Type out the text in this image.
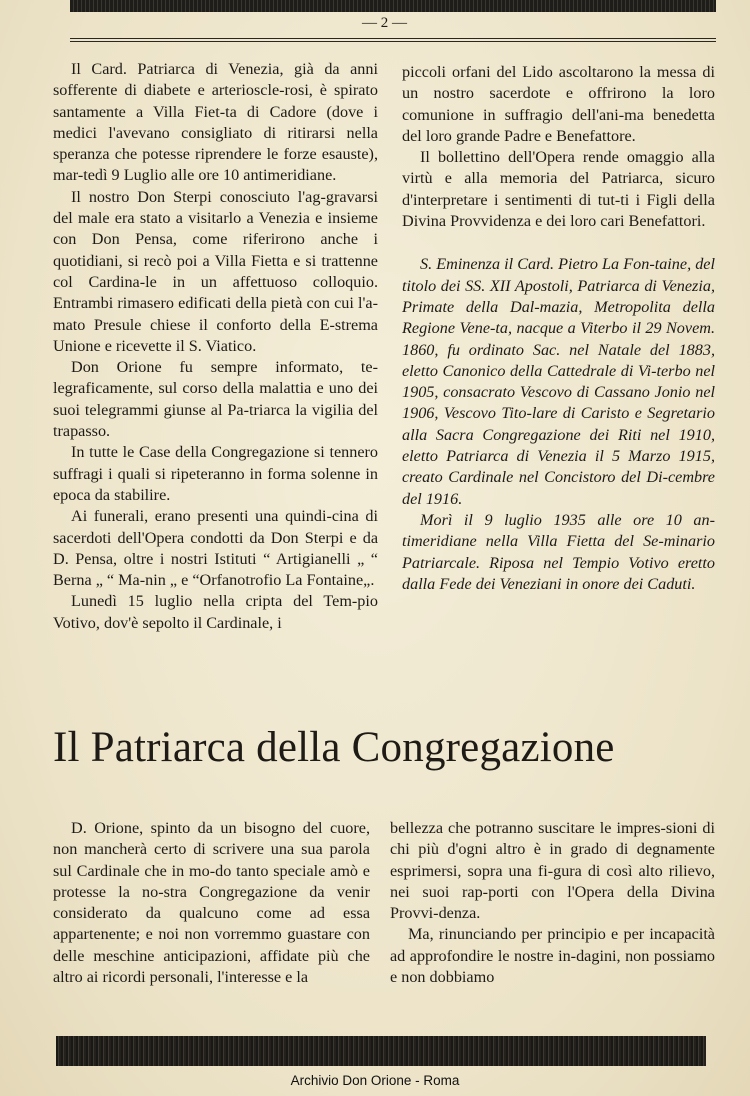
— 2 —

Il Card. Patriarca di Venezia, già da anni sofferente di diabete e arterioscle-rosi, è spirato santamente a Villa Fiet-ta di Cadore (dove i medici l'avevano consigliato di ritirarsi nella speranza che potesse riprendere le forze esauste), mar-tedì 9 Luglio alle ore 10 antimeridiane.

Il nostro Don Sterpi conosciuto l'ag-gravarsi del male era stato a visitarlo a Venezia e insieme con Don Pensa, come riferirono anche i quotidiani, si recò poi a Villa Fietta e si trattenne col Cardina-le in un affettuoso colloquio. Entrambi rimasero edificati della pietà con cui l'a-mato Presule chiese il conforto della E-strema Unione e ricevette il S. Viatico.

Don Orione fu sempre informato, te-legraficamente, sul corso della malattia e uno dei suoi telegrammi giunse al Pa-triarca la vigilia del trapasso.

In tutte le Case della Congregazione si tennero suffragi i quali si ripeteranno in forma solenne in epoca da stabilire.

Ai funerali, erano presenti una quindi-cina di sacerdoti dell'Opera condotti da Don Sterpi e da D. Pensa, oltre i nostri Istituti “ Artigianelli „ “ Berna „ “ Ma-nin „ e “Orfanotrofio La Fontaine„.

Lunedì 15 luglio nella cripta del Tem-pio Votivo, dov'è sepolto il Cardinale, i

piccoli orfani del Lido ascoltarono la messa di un nostro sacerdote e offrirono la loro comunione in suffragio dell'ani-ma benedetta del loro grande Padre e Benefattore.

Il bollettino dell'Opera rende omaggio alla virtù e alla memoria del Patriarca, sicuro d'interpretare i sentimenti di tut-ti i Figli della Divina Provvidenza e dei loro cari Benefattori.

S. Eminenza il Card. Pietro La Fon-taine, del titolo dei SS. XII Apostoli, Patriarca di Venezia, Primate della Dal-mazia, Metropolita della Regione Vene-ta, nacque a Viterbo il 29 Novem. 1860, fu ordinato Sac. nel Natale del 1883, eletto Canonico della Cattedrale di Vi-terbo nel 1905, consacrato Vescovo di Cassano Jonio nel 1906, Vescovo Tito-lare di Caristo e Segretario alla Sacra Congregazione dei Riti nel 1910, eletto Patriarca di Venezia il 5 Marzo 1915, creato Cardinale nel Concistoro del Di-cembre del 1916.

Morì il 9 luglio 1935 alle ore 10 an-timeridiane nella Villa Fietta del Se-minario Patriarcale. Riposa nel Tempio Votivo eretto dalla Fede dei Veneziani in onore dei Caduti.

Il Patriarca della Congregazione

D. Orione, spinto da un bisogno del cuore, non mancherà certo di scrivere una sua parola sul Cardinale che in mo-do tanto speciale amò e protesse la no-stra Congregazione da venir considerato da qualcuno come ad essa appartenente; e noi non vorremmo guastare con delle meschine anticipazioni, affidate più che altro ai ricordi personali, l'interesse e la

bellezza che potranno suscitare le impres-sioni di chi più d'ogni altro è in grado di degnamente esprimersi, sopra una fi-gura di così alto rilievo, nei suoi rap-porti con l'Opera della Divina Provvi-denza.

Ma, rinunciando per principio e per incapacità ad approfondire le nostre in-dagini, non possiamo e non dobbiamo

Archivio Don Orione - Roma
